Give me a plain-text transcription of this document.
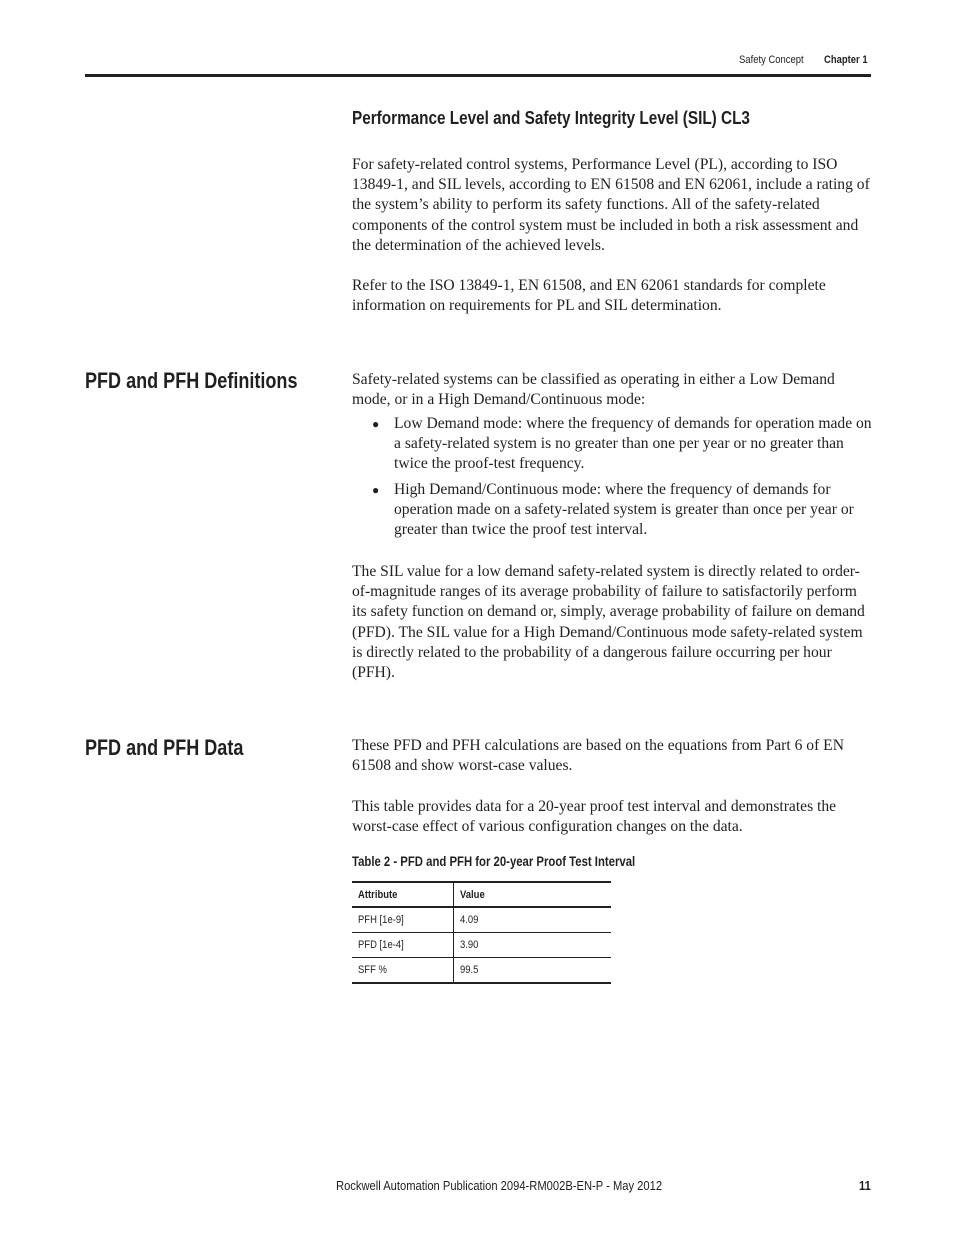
Safety Concept Chapter 1
Performance Level and Safety Integrity Level (SIL) CL3

For safety-related control systems, Performance Level (PL), according to ISO 13849-1, and SIL levels, according to EN 61508 and EN 62061, include a rating of the system’s ability to perform its safety functions. All of the safety-related components of the control system must be included in both a risk assessment and the determination of the achieved levels.

Refer to the ISO 13849-1, EN 61508, and EN 62061 standards for complete information on requirements for PL and SIL determination.

PFD and PFH Definitions	Safety-related systems can be classified as operating in either a Low Demand mode, or in a High Demand/Continuous mode:

● Low Demand mode: where the frequency of demands for operation made on a safety-related system is no greater than one per year or no greater than twice the proof-test frequency.
● High Demand/Continuous mode: where the frequency of demands for operation made on a safety-related system is greater than once per year or greater than twice the proof test interval.

The SIL value for a low demand safety-related system is directly related to order-of-magnitude ranges of its average probability of failure to satisfactorily perform its safety function on demand or, simply, average probability of failure on demand (PFD). The SIL value for a High Demand/Continuous mode safety-related system is directly related to the probability of a dangerous failure occurring per hour (PFH).

PFD and PFH Data	These PFD and PFH calculations are based on the equations from Part 6 of EN 61508 and show worst-case values.

This table provides data for a 20-year proof test interval and demonstrates the worst-case effect of various configuration changes on the data.

Table 2 - PFD and PFH for 20-year Proof Test Interval
Attribute	Value
PFH [1e-9]	4.09
PFD [1e-4]	3.90
SFF %	99.5
Rockwell Automation Publication 2094-RM002B-EN-P - May 2012	11
